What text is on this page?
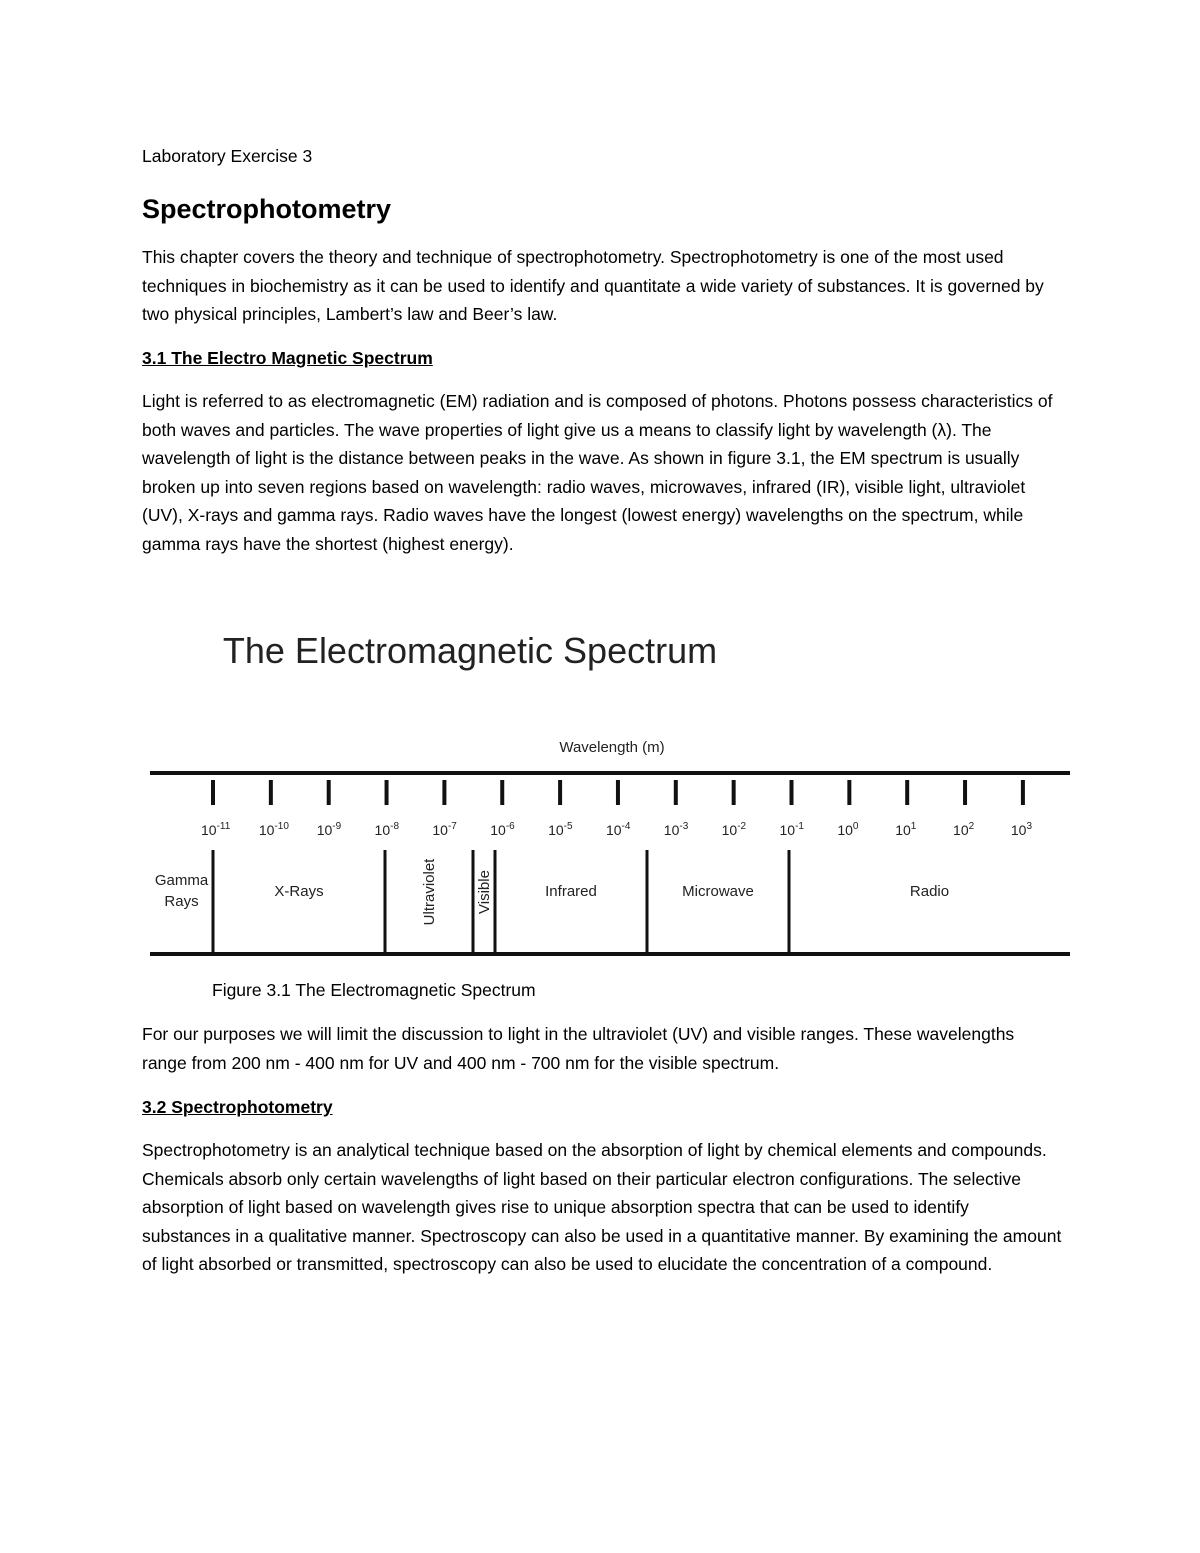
Laboratory Exercise 3

Spectrophotometry

This chapter covers the theory and technique of spectrophotometry. Spectrophotometry is one of the most used techniques in biochemistry as it can be used to identify and quantitate a wide variety of substances. It is governed by two physical principles, Lambert’s law and Beer’s law.

3.1 The Electro Magnetic Spectrum

Light is referred to as electromagnetic (EM) radiation and is composed of photons. Photons possess characteristics of both waves and particles. The wave properties of light give us a means to classify light by wavelength (λ). The wavelength of light is the distance between peaks in the wave. As shown in figure 3.1, the EM spectrum is usually broken up into seven regions based on wavelength: radio waves, microwaves, infrared (IR), visible light, ultraviolet (UV), X-rays and gamma rays. Radio waves have the longest (lowest energy) wavelengths on the spectrum, while gamma rays have the shortest (highest energy).

The Electromagnetic Spectrum
Wavelength (m)
$10^{-11}$ $10^{-10}$ $10^{-9}$ $10^{-8}$ $10^{-7}$ $10^{-6}$ $10^{-5}$ $10^{-4}$ $10^{-3}$ $10^{-2}$ $10^{-1}$ $10^0$	$10^1$	$10^2$	$10^3$
Gamma Rays
X-Rays	Ultraviolet	Visible	Infrared	Microwave	Radio

Figure 3.1 The Electromagnetic Spectrum

For our purposes we will limit the discussion to light in the ultraviolet (UV) and visible ranges. These wavelengths range from 200 nm - 400 nm for UV and 400 nm - 700 nm for the visible spectrum.

3.2 Spectrophotometry

Spectrophotometry is an analytical technique based on the absorption of light by chemical elements and compounds. Chemicals absorb only certain wavelengths of light based on their particular electron configurations. The selective absorption of light based on wavelength gives rise to unique absorption spectra that can be used to identify substances in a qualitative manner. Spectroscopy can also be used in a quantitative manner. By examining the amount of light absorbed or transmitted, spectroscopy can also be used to elucidate the concentration of a compound.
